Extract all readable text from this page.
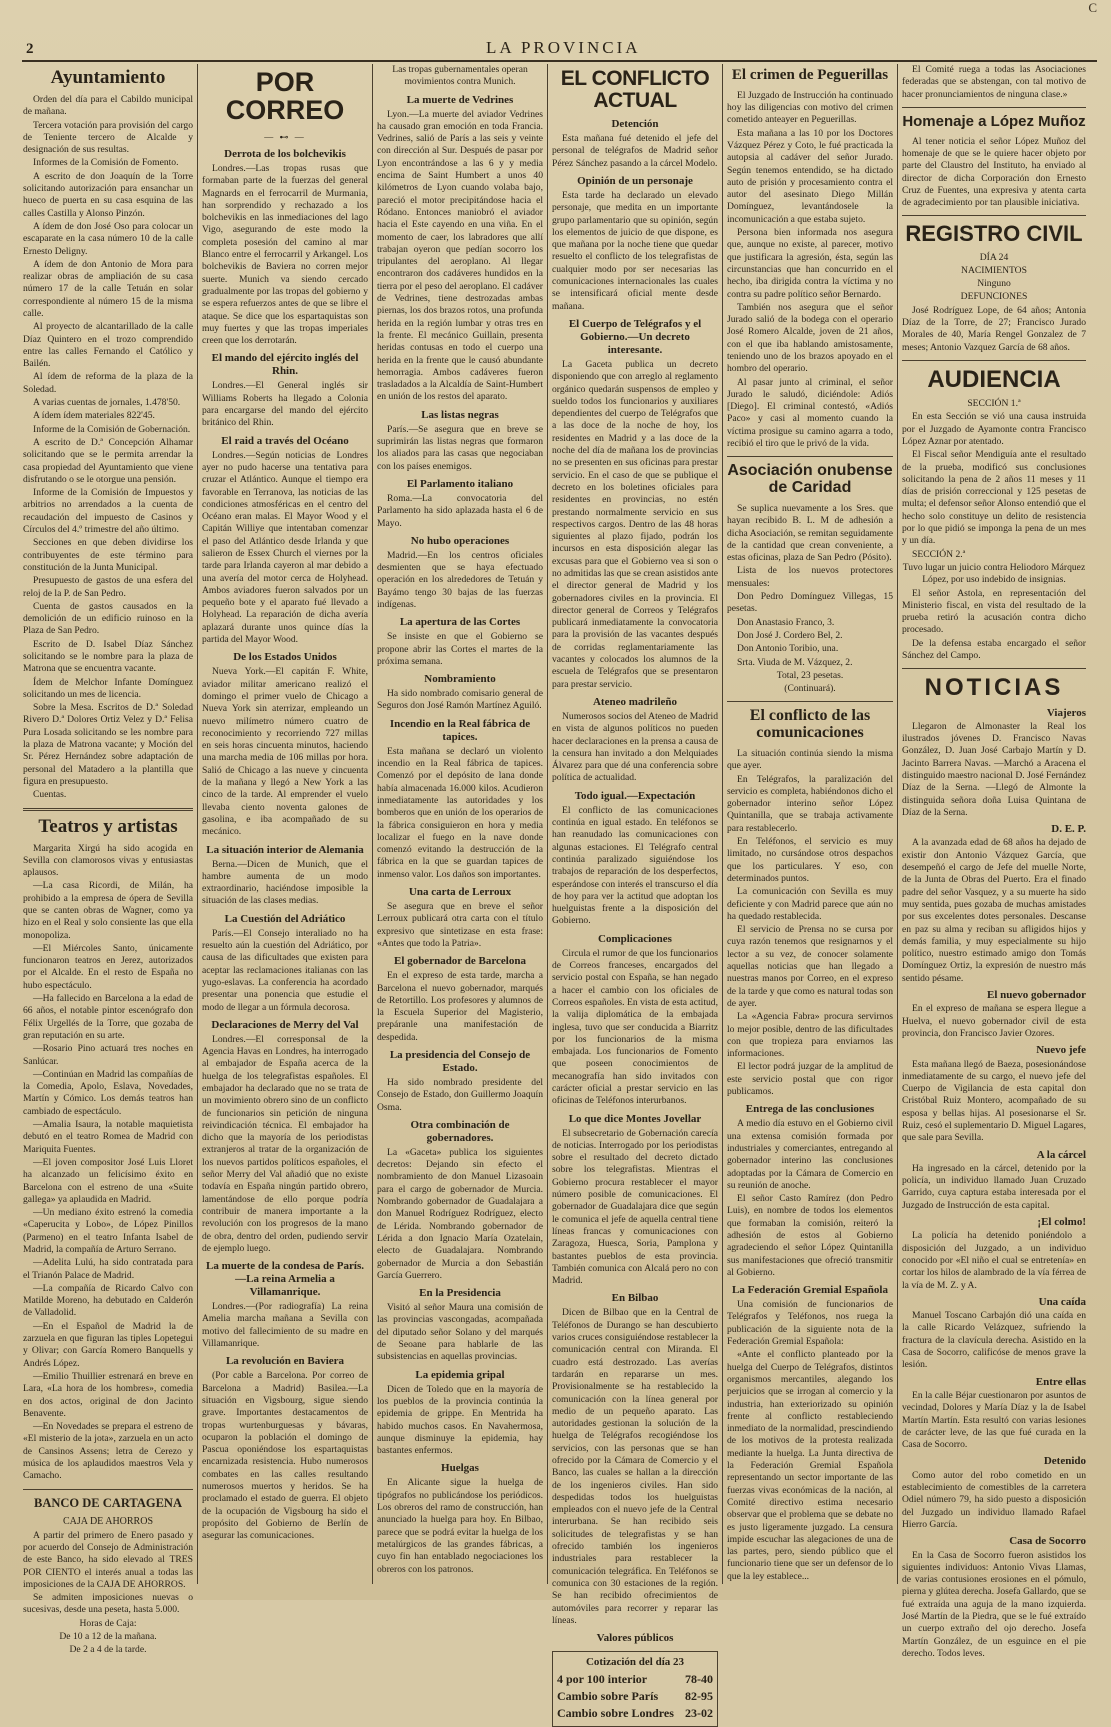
C
2	LA PROVINCIA
Ayuntamiento

Orden del día para el Cabildo municipal de mañana.

Tercera votación para provisión del cargo de Teniente tercero de Alcalde y designación de sus resultas.

Informes de la Comisión de Fomento.

A escrito de don Joaquín de la Torre solicitando autorización para ensanchar un hueco de puerta en su casa esquina de las calles Castilla y Alonso Pinzón.

A ídem de don José Oso para colocar un escaparate en la casa número 10 de la calle Ernesto Deligny.

A ídem de don Antonio de Mora para realizar obras de ampliación de su casa número 17 de la calle Tetuán en solar correspondiente al número 15 de la misma calle.

Al proyecto de alcantarillado de la calle Díaz Quintero en el trozo comprendido entre las calles Fernando el Católico y Bailén.

Al ídem de reforma de la plaza de la Soledad.

A varias cuentas de jornales, 1.478'50.

A ídem ídem materiales 822'45.

Informe de la Comisión de Gobernación.

A escrito de D.ª Concepción Alhamar solicitando que se le permita arrendar la casa propiedad del Ayuntamiento que viene disfrutando o se le otorgue una pensión.

Informe de la Comisión de Impuestos y arbitrios no arrendados a la cuenta de recaudación del impuesto de Casinos y Círculos del 4.º trimestre del año último.

Secciones en que deben dividirse los contribuyentes de este término para constitución de la Junta Municipal.

Presupuesto de gastos de una esfera del reloj de la P. de San Pedro.

Cuenta de gastos causados en la demolición de un edificio ruinoso en la Plaza de San Pedro.

Escrito de D. Isabel Díaz Sánchez solicitando se le nombre para la plaza de Matrona que se encuentra vacante.

Ídem de Melchor Infante Domínguez solicitando un mes de licencia.

Sobre la Mesa. Escritos de D.ª Soledad Rivero D.ª Dolores Ortiz Velez y D.ª Felisa Pura Losada solicitando se les nombre para la plaza de Matrona vacante; y Moción del Sr. Pérez Hernández sobre adaptación de personal del Matadero a la plantilla que figura en presupuesto.

Cuentas.

Teatros y artistas

Margarita Xirgú ha sido acogida en Sevilla con clamorosos vivas y entusiastas aplausos.

—La casa Ricordi, de Milán, ha prohibido a la empresa de ópera de Sevilla que se canten obras de Wagner, como ya hizo en el Real y solo consiente las que ella monopoliza.

—El Miércoles Santo, únicamente funcionaron teatros en Jerez, autorizados por el Alcalde. En el resto de España no hubo espectáculo.

—Ha fallecido en Barcelona a la edad de 66 años, el notable pintor escenógrafo don Félix Urgellés de la Torre, que gozaba de gran reputación en su arte.

—Rosario Pino actuará tres noches en Sanlúcar.

—Continúan en Madrid las compañías de la Comedia, Apolo, Eslava, Novedades, Martín y Cómico. Los demás teatros han cambiado de espectáculo.

—Amalia Isaura, la notable maquietista debutó en el teatro Romea de Madrid con Mariquita Fuentes.

—El joven compositor José Luis Lloret ha alcanzado un felicísimo éxito en Barcelona con el estreno de una «Suite gallega» ya aplaudida en Madrid.

—Un mediano éxito estrenó la comedia «Caperucita y Lobo», de López Pinillos (Parmeno) en el teatro Infanta Isabel de Madrid, la compañía de Arturo Serrano.

—Adelita Lulú, ha sido contratada para el Trianón Palace de Madrid.

—La compañía de Ricardo Calvo con Matilde Moreno, ha debutado en Calderón de Valladolid.

—En el Español de Madrid la de zarzuela en que figuran las tiples Lopetegui y Olivar; con García Romero Banquells y Andrés López.

—Emilio Thuillier estrenará en breve en Lara, «La hora de los hombres», comedia en dos actos, original de don Jacinto Benavente.

—En Novedades se prepara el estreno de «El misterio de la jota», zarzuela en un acto de Cansinos Assens; letra de Cerezo y música de los aplaudidos maestros Vela y Camacho.

BANCO DE CARTAGENA
CAJA DE AHORROS

A partir del primero de Enero pasado y por acuerdo del Consejo de Administración de este Banco, ha sido elevado al TRES POR CIENTO el interés anual a todas las imposiciones de la CAJA DE AHORROS.

Se admiten imposiciones nuevas o sucesivas, desde una peseta, hasta 5.000.

Horas de Caja:

De 10 a 12 de la mañana.

De 2 a 4 de la tarde.

POR CORREO
— ⊷ —
Derrota de los bolchevikis

Londres.—Las tropas rusas que formaban parte de la fuerzas del general Magnards en el ferrocarril de Murmania, han sorprendido y rechazado a los bolchevikis en las inmediaciones del lago Vigo, asegurando de este modo la completa posesión del camino al mar Blanco entre el ferrocarril y Arkangel. Los bolchevikis de Baviera no corren mejor suerte. Munich va siendo cercado gradualmente por las tropas del gobierno y se espera refuerzos antes de que se libre el ataque. Se dice que los espartaquistas son muy fuertes y que las tropas imperiales creen que los derrotarán.

El mando del ejército inglés del Rhin.

Londres.—El General inglés sir Williams Roberts ha llegado a Colonia para encargarse del mando del ejército británico del Rhin.

El raid a través del Océano

Londres.—Según noticias de Londres ayer no pudo hacerse una tentativa para cruzar el Atlántico. Aunque el tiempo era favorable en Terranova, las noticias de las condiciones atmosféricas en el centro del Océano eran malas. El Mayor Wood y el Capitán Williye que intentaban comenzar el paso del Atlántico desde Irlanda y que salieron de Essex Church el viernes por la tarde para Irlanda cayeron al mar debido a una avería del motor cerca de Holyhead. Ambos aviadores fueron salvados por un pequeño bote y el aparato fué llevado a Holyhead. La reparación de dicha avería aplazará durante unos quince días la partida del Mayor Wood.

De los Estados Unidos

Nueva York.—El capitán F. White, aviador militar americano realizó el domingo el primer vuelo de Chicago a Nueva York sin aterrizar, empleando un nuevo milímetro número cuatro de reconocimiento y recorriendo 727 millas en seis horas cincuenta minutos, haciendo una marcha media de 106 millas por hora. Salió de Chicago a las nueve y cincuenta de la mañana y llegó a New York a las cinco de la tarde. Al emprender el vuelo llevaba ciento noventa galones de gasolina, e iba acompañado de su mecánico.

La situación interior de Alemania

Berna.—Dicen de Munich, que el hambre aumenta de un modo extraordinario, haciéndose imposible la situación de las clases medias.

La Cuestión del Adriático

París.—El Consejo interaliado no ha resuelto aún la cuestión del Adriático, por causa de las dificultades que existen para aceptar las reclamaciones italianas con las yugo-eslavas. La conferencia ha acordado presentar una ponencia que estudie el modo de llegar a un fórmula decorosa.

Declaraciones de Merry del Val

Londres.—El corresponsal de la Agencia Havas en Londres, ha interrogado al embajador de España acerca de la huelga de los telegrafistas españoles. El embajador ha declarado que no se trata de un movimiento obrero sino de un conflicto de funcionarios sin petición de ninguna reivindicación técnica. El embajador ha dicho que la mayoría de los periodistas extranjeros al tratar de la organización de los nuevos partidos políticos españoles, el señor Merry del Val añadió que no existe todavía en España ningún partido obrero, lamentándose de ello porque podría contribuir de manera importante a la revolución con los progresos de la mano de obra, dentro del orden, pudiendo servir de ejemplo luego.

La muerte de la condesa de París.—La reina Armelia a Villamanrique.

Londres.—(Por radiografía) La reina Amelia marcha mañana a Sevilla con motivo del fallecimiento de su madre en Villamanrique.

La revolución en Baviera

(Por cable a Barcelona. Por correo de Barcelona a Madrid) Basilea.—La situación en Vigsbourg, sigue siendo grave. Importantes destacamentos de tropas wurtenburguesas y bávaras, ocuparon la población el domingo de Pascua oponiéndose los espartaquistas encarnizada resistencia. Hubo numerosos combates en las calles resultando numerosos muertos y heridos. Se ha proclamado el estado de guerra. El objeto de la ocupación de Vigsbourg ha sido el propósito del Gobierno de Berlín de asegurar las comunicaciones.

Las tropas gubernamentales operan movimientos contra Munich.

La muerte de Vedrines

Lyon.—La muerte del aviador Vedrines ha causado gran emoción en toda Francia. Vedrines, salió de París a las seis y veinte con dirección al Sur. Después de pasar por Lyon encontrándose a las 6 y y media encima de Saint Humbert a unos 40 kilómetros de Lyon cuando volaba bajo, pareció el motor precipitándose hacia el Ródano. Entonces maniobró el aviador hacia el Este cayendo en una viña. En el momento de caer, los labradores que allí trabajan oyeron que pedían socorro los tripulantes del aeroplano. Al llegar encontraron dos cadáveres hundidos en la tierra por el peso del aeroplano. El cadáver de Vedrines, tiene destrozadas ambas piernas, los dos brazos rotos, una profunda herida en la región lumbar y otras tres en la frente. El mecánico Guillain, presenta heridas contusas en todo el cuerpo una herida en la frente que le causó abundante hemorragia. Ambos cadáveres fueron trasladados a la Alcaldía de Saint-Humbert en unión de los restos del aparato.

Las listas negras

París.—Se asegura que en breve se suprimirán las listas negras que formaron los aliados para las casas que negociaban con los países enemigos.

El Parlamento italiano

Roma.—La convocatoria del Parlamento ha sido aplazada hasta el 6 de Mayo.

No hubo operaciones

Madrid.—En los centros oficiales desmienten que se haya efectuado operación en los alrededores de Tetuán y Bayámo tengo 30 bajas de las fuerzas indígenas.

La apertura de las Cortes

Se insiste en que el Gobierno se propone abrir las Cortes el martes de la próxima semana.

Nombramiento

Ha sido nombrado comisario general de Seguros don José Ramón Martínez Aguiló.

Incendio en la Real fábrica de tapices.

Esta mañana se declaró un violento incendio en la Real fábrica de tapices. Comenzó por el depósito de lana donde había almacenada 16.000 kilos. Acudieron inmediatamente las autoridades y los bomberos que en unión de los operarios de la fábrica consiguieron en hora y media localizar el fuego en la nave donde comenzó evitando la destrucción de la fábrica en la que se guardan tapices de inmenso valor. Los daños son importantes.

Una carta de Lerroux

Se asegura que en breve el señor Lerroux publicará otra carta con el título expresivo que sintetizase en esta frase: «Antes que todo la Patria».

El gobernador de Barcelona

En el expreso de esta tarde, marcha a Barcelona el nuevo gobernador, marqués de Retortillo. Los profesores y alumnos de la Escuela Superior del Magisterio, prepáranle una manifestación de despedida.

La presidencia del Consejo de Estado.

Ha sido nombrado presidente del Consejo de Estado, don Guillermo Joaquín Osma.

Otra combinación de gobernadores.

La «Gaceta» publica los siguientes decretos: Dejando sin efecto el nombramiento de don Manuel Lizasoain para el cargo de gobernador de Murcia. Nombrando gobernador de Guadalajara a don Manuel Rodríguez Rodríguez, electo de Lérida. Nombrando gobernador de Lérida a don Ignacio María Ozatelain, electo de Guadalajara. Nombrando gobernador de Murcia a don Sebastián García Guerrero.

En la Presidencia

Visitó al señor Maura una comisión de las provincias vascongadas, acompañada del diputado señor Solano y del marqués de Seoane para hablarle de las subsistencias en aquellas provincias.

La epidemia gripal

Dicen de Toledo que en la mayoría de los pueblos de la provincia continúa la epidemia de grippe. En Mentrida ha habido muchos casos. En Navahermosa, aunque disminuye la epidemia, hay bastantes enfermos.

Huelgas

En Alicante sigue la huelga de tipógrafos no publicándose los periódicos. Los obreros del ramo de construcción, han anunciado la huelga para hoy. En Bilbao, parece que se podrá evitar la huelga de los metalúrgicos de las grandes fábricas, a cuyo fin han entablado negociaciones los obreros con los patronos.

EL CONFLICTO ACTUAL
Detención

Esta mañana fué detenido el jefe del personal de telégrafos de Madrid señor Pérez Sánchez pasando a la cárcel Modelo.

Opinión de un personaje

Esta tarde ha declarado un elevado personaje, que medita en un importante grupo parlamentario que su opinión, según los elementos de juicio de que dispone, es que mañana por la noche tiene que quedar resuelto el conflicto de los telegrafistas de cualquier modo por ser necesarias las comunicaciones internacionales las cuales se intensificará oficial mente desde mañana.

El Cuerpo de Telégrafos y el Gobierno.—Un decreto interesante.

La Gaceta publica un decreto disponiendo que con arreglo al reglamento orgánico quedarán suspensos de empleo y sueldo todos los funcionarios y auxiliares dependientes del cuerpo de Telégrafos que a las doce de la noche de hoy, los residentes en Madrid y a las doce de la noche del día de mañana los de provincias no se presenten en sus oficinas para prestar servicio. En el caso de que se publique el decreto en los boletines oficiales para residentes en provincias, no estén prestando normalmente servicio en sus respectivos cargos. Dentro de las 48 horas siguientes al plazo fijado, podrán los incursos en esta disposición alegar las excusas para que el Gobierno vea si son o no admitidas las que se crean asistidos ante el director general de Madrid y los gobernadores civiles en la provincia. El director general de Correos y Telégrafos publicará inmediatamente la convocatoria para la provisión de las vacantes después de corridas reglamentariamente las vacantes y colocados los alumnos de la escuela de Telégrafos que se presentaron para prestar servicio.

Ateneo madrileño

Numerosos socios del Ateneo de Madrid en vista de algunos políticos no pueden hacer declaraciones en la prensa a causa de la censura han invitado a don Melquiades Álvarez para que dé una conferencia sobre política de actualidad.

Todo igual.—Expectación

El conflicto de las comunicaciones continúa en igual estado. En teléfonos se han reanudado las comunicaciones con algunas estaciones. El Telégrafo central continúa paralizado siguiéndose los trabajos de reparación de los desperfectos, esperándose con interés el transcurso el día de hoy para ver la actitud que adoptan los huelguistas frente a la disposición del Gobierno.

Complicaciones

Circula el rumor de que los funcionarios de Correos franceses, encargados del servicio postal con España, se han negado a hacer el cambio con los oficiales de Correos españoles. En vista de esta actitud, la valija diplomática de la embajada inglesa, tuvo que ser conducida a Biarritz por los funcionarios de la misma embajada. Los funcionarios de Fomento que poseen conocimientos de mecanografía han sido invitados con carácter oficial a prestar servicio en las oficinas de Teléfonos interurbanos.

Lo que dice Montes Jovellar

El subsecretario de Gobernación carecía de noticias. Interrogado por los periodistas sobre el resultado del decreto dictado sobre los telegrafistas. Mientras el Gobierno procura restablecer el mayor número posible de comunicaciones. El gobernador de Guadalajara dice que según le comunica el jefe de aquella central tiene líneas francas y comunicaciones con Zaragoza, Huesca, Soria, Pamplona y bastantes pueblos de esta provincia. También comunica con Alcalá pero no con Madrid.

En Bilbao

Dicen de Bilbao que en la Central de Teléfonos de Durango se han descubierto varios cruces consiguiéndose restablecer la comunicación central con Miranda. El cuadro está destrozado. Las averías tardarán en repararse un mes. Provisionalmente se ha restablecido la comunicación con la línea general por medio de un pequeño aparato. Las autoridades gestionan la solución de la huelga de Telégrafos recogiéndose los servicios, con las personas que se han ofrecido por la Cámara de Comercio y el Banco, las cuales se hallan a la dirección de los ingenieros civiles. Han sido despedidas todos los huelguistas empleados con el nuevo jefe de la Central interurbana. Se han recibido seis solicitudes de telegrafistas y se han ofrecido también los ingenieros industriales para restablecer la comunicación telegráfica. En Teléfonos se comunica con 30 estaciones de la región. Se han recibido ofrecimientos de automóviles para recorrer y reparar las líneas.

Valores públicos
Cotización del día 23
4 por 100 interior	78-40
Cambio sobre París 82-95
Cambio sobre Londres 23-02
El crimen de Peguerillas

El Juzgado de Instrucción ha continuado hoy las diligencias con motivo del crimen cometido anteayer en Peguerillas.

Esta mañana a las 10 por los Doctores Vázquez Pérez y Coto, le fué practicada la autopsia al cadáver del señor Jurado. Según tenemos entendido, se ha dictado auto de prisión y procesamiento contra el autor del asesinato Diego Millán Domínguez, levantándosele la incomunicación a que estaba sujeto.

Persona bien informada nos asegura que, aunque no existe, al parecer, motivo que justificara la agresión, ésta, según las circunstancias que han concurrido en el hecho, iba dirigida contra la víctima y no contra su padre político señor Bernardo.

También nos asegura que el señor Jurado salió de la bodega con el operario José Romero Alcalde, joven de 21 años, con el que iba hablando amistosamente, teniendo uno de los brazos apoyado en el hombro del operario.

Al pasar junto al criminal, el señor Jurado le saludó, diciéndole: Adiós [Diego]. El criminal contestó, «Adiós Paco» y casi al momento cuando la víctima prosigue su camino agarra a todo, recibió el tiro que le privó de la vida.

Asociación onubense de Caridad

Se suplica nuevamente a los Sres. que hayan recibido B. L. M de adhesión a dicha Asociación, se remitan seguidamente de la cantidad que crean conveniente, a estas oficinas, plaza de San Pedro (Pósito).

Lista de los nuevos protectores mensuales:

Don Pedro Domínguez Villegas, 15 pesetas.

Don Anastasio Franco, 3.

Don José J. Cordero Bel, 2.

Don Antonio Toribio, una.

Srta. Viuda de M. Vázquez, 2.

Total, 23 pesetas.

(Continuará).

El conflicto de las comunicaciones

La situación continúa siendo la misma que ayer.

En Telégrafos, la paralización del servicio es completa, habiéndonos dicho el gobernador interino señor López Quintanilla, que se trabaja activamente para restablecerlo.

En Teléfonos, el servicio es muy limitado, no cursándose otros despachos que los particulares. Y eso, con determinados puntos.

La comunicación con Sevilla es muy deficiente y con Madrid parece que aún no ha quedado restablecida.

El servicio de Prensa no se cursa por cuya razón tenemos que resignarnos y el lector a su vez, de conocer solamente aquellas noticias que han llegado a nuestras manos por Correo, en el expreso de la tarde y que como es natural todas son de ayer.

La «Agencia Fabra» procura servirnos lo mejor posible, dentro de las dificultades con que tropieza para enviarnos las informaciones.

El lector podrá juzgar de la amplitud de este servicio postal que con rigor publicamos.

Entrega de las conclusiones

A medio día estuvo en el Gobierno civil una extensa comisión formada por industriales y comerciantes, entregando al gobernador interino las conclusiones adoptadas por la Cámara de Comercio en su reunión de anoche.

El señor Casto Ramírez (don Pedro Luis), en nombre de todos los elementos que formaban la comisión, reiteró la adhesión de estos al Gobierno agradeciendo el señor López Quintanilla sus manifestaciones que ofreció transmitir al Gobierno.

La Federación Gremial Española

Una comisión de funcionarios de Telégrafos y Teléfonos, nos ruega la publicación de la siguiente nota de la Federación Gremial Española:

«Ante el conflicto planteado por la huelga del Cuerpo de Telégrafos, distintos organismos mercantiles, alegando los perjuicios que se irrogan al comercio y la industria, han exteriorizado su opinión frente al conflicto restableciendo inmediato de la normalidad, prescindiendo de los motivos de la protesta realizada mediante la huelga. La Junta directiva de la Federación Gremial Española representando un sector importante de las fuerzas vivas económicas de la nación, al Comité directivo estima necesario observar que el problema que se debate no es justo ligeramente juzgado. La censura impide escuchar las alegaciones de una de las partes, pero, siendo público que el funcionario tiene que ser un defensor de lo que la ley establece...

El Comité ruega a todas las Asociaciones federadas que se abstengan, con tal motivo de hacer pronunciamientos de ninguna clase.»

Homenaje a López Muñoz

Al tener noticia el señor López Muñoz del homenaje de que se le quiere hacer objeto por parte del Claustro del Instituto, ha enviado al director de dicha Corporación don Ernesto Cruz de Fuentes, una expresiva y atenta carta de agradecimiento por tan plausible iniciativa.

REGISTRO CIVIL

DÍA 24

NACIMIENTOS

Ninguno

DEFUNCIONES

José Rodríguez Lope, de 64 años; Antonia Díaz de la Torre, de 27; Francisco Jurado Morales de 40, María Rengel Gonzalez de 7 meses; Antonio Vazquez García de 68 años.

AUDIENCIA

SECCIÓN 1.ª

En esta Sección se vió una causa instruida por el Juzgado de Ayamonte contra Francisco López Aznar por atentado.

El Fiscal señor Mendiguía ante el resultado de la prueba, modificó sus conclusiones solicitando la pena de 2 años 11 meses y 11 días de prisión correccional y 125 pesetas de multa; el defensor señor Alonso entendió que el hecho solo constituye un delito de resistencia por lo que pidió se imponga la pena de un mes y un día.

SECCIÓN 2.ª

Tuvo lugar un juicio contra Heliodoro Márquez López, por uso indebido de insignias.

El señor Astola, en representación del Ministerio fiscal, en vista del resultado de la prueba retiró la acusación contra dicho procesado.

De la defensa estaba encargado el señor Sánchez del Campo.

NOTICIAS
Viajeros

Llegaron de Almonaster la Real los ilustrados jóvenes D. Francisco Navas González, D. Juan José Carbajo Martín y D. Jacinto Barrera Navas. —Marchó a Aracena el distinguido maestro nacional D. José Fernández Díaz de la Serna. —Llegó de Almonte la distinguida señora doña Luisa Quintana de Díaz de la Serna.

D. E. P.

A la avanzada edad de 68 años ha dejado de existir don Antonio Vázquez García, que desempeñó el cargo de Jefe del muelle Norte, de la Junta de Obras del Puerto. Era el finado padre del señor Vasquez, y a su muerte ha sido muy sentida, pues gozaba de muchas amistades por sus excelentes dotes personales. Descanse en paz su alma y reciban su afligidos hijos y demás familia, y muy especialmente su hijo político, nuestro estimado amigo don Tomás Domínguez Ortiz, la expresión de nuestro más sentido pésame.

El nuevo gobernador

En el expreso de mañana se espera llegue a Huelva, el nuevo gobernador civil de esta provincia, don Francisco Javier Ozores.

Nuevo jefe

Esta mañana llegó de Baeza, posesionándose inmediatamente de su cargo, el nuevo jefe del Cuerpo de Vigilancia de esta capital don Cristóbal Ruiz Montero, acompañado de su esposa y bellas hijas. Al posesionarse el Sr. Ruiz, cesó el suplementario D. Miguel Lagares, que sale para Sevilla.

A la cárcel

Ha ingresado en la cárcel, detenido por la policía, un individuo llamado Juan Cruzado Garrido, cuya captura estaba interesada por el Juzgado de Instrucción de esta capital.

¡El colmo!

La policía ha detenido poniéndolo a disposición del Juzgado, a un individuo conocido por «El niño el cual se entretenía» en cortar los hilos de alambrado de la vía férrea de la vía de M. Z. y A.

Una caída

Manuel Toscano Carbajón dió una caída en la calle Ricardo Velázquez, sufriendo la fractura de la clavícula derecha. Asistido en la Casa de Socorro, calificóse de menos grave la lesión.

Entre ellas

En la calle Béjar cuestionaron por asuntos de vecindad, Dolores y María Díaz y la de Isabel Martín Martín. Esta resultó con varias lesiones de carácter leve, de las que fué curada en la Casa de Socorro.

Detenido

Como autor del robo cometido en un establecimiento de comestibles de la carretera Odiel número 79, ha sido puesto a disposición del Juzgado un individuo llamado Rafael Hierro García.

Casa de Socorro

En la Casa de Socorro fueron asistidos los siguientes individuos: Antonio Vivas Llamas, de varias contusiones erosiones en el pómulo, pierna y glútea derecha. Josefa Gallardo, que se fué extraída una aguja de la mano izquierda. José Martín de la Piedra, que se le fué extraído un cuerpo extraño del ojo derecho. Josefa Martín González, de un esguince en el pie derecho. Todos leves.
